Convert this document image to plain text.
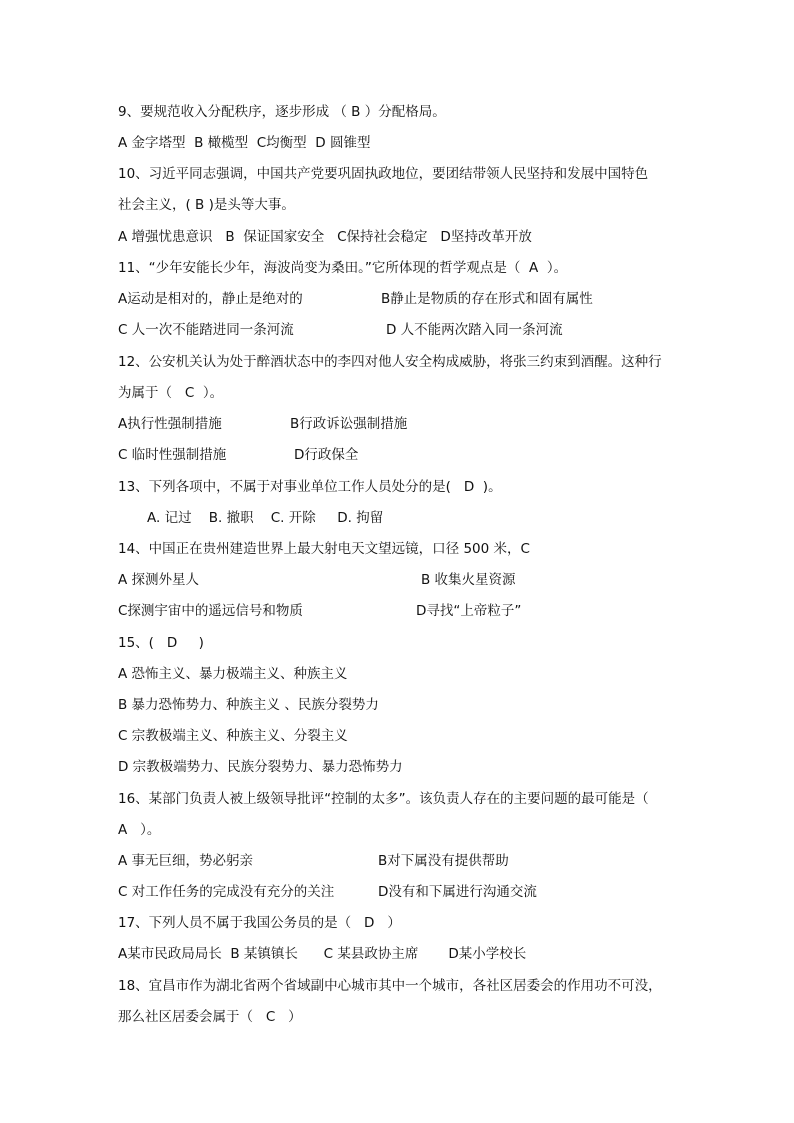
9、要规范收入分配秩序，逐步形成 （ B ）分配格局。
A 金字塔型  B 橄榄型  C均衡型  D 圆锥型
10、习近平同志强调，中国共产党要巩固执政地位，要团结带领人民坚持和发展中国特色
社会主义，( B )是头等大事。
A 增强忧患意识   B  保证国家安全   C保持社会稳定   D坚持改革开放
11、“少年安能长少年，海波尚变为桑田。”它所体现的哲学观点是（  A  ）。
A运动是相对的，静止是绝对的	B静止是物质的存在形式和固有属性
C 人一次不能踏进同一条河流	D 人不能两次踏入同一条河流
12、公安机关认为处于醉酒状态中的李四对他人安全构成威胁，将张三约束到酒醒。这种行
为属于（   C  ）。
A执行性强制措施	B行政诉讼强制措施
C 临时性强制措施	D行政保全
13、下列各项中，不属于对事业单位工作人员处分的是(   D  )。
A. 记过    B. 撤职    C. 开除     D. 拘留
14、中国正在贵州建造世界上最大射电天文望远镜，口径 500 米，C
A 探测外星人	B 收集火星资源
C探测宇宙中的遥远信号和物质	D寻找“上帝粒子”
15、(   D     )
A 恐怖主义、暴力极端主义、种族主义
B 暴力恐怖势力、种族主义 、民族分裂势力
C 宗教极端主义、种族主义、分裂主义
D 宗教极端势力、民族分裂势力、暴力恐怖势力
16、某部门负责人被上级领导批评“控制的太多”。该负责人存在的主要问题的最可能是（
A   ）。
A 事无巨细，势必躬亲	B对下属没有提供帮助
C 对工作任务的完成没有充分的关注	D没有和下属进行沟通交流
17、下列人员不属于我国公务员的是（   D   ）
A某市民政局局长  B 某镇镇长      C 某县政协主席       D某小学校长
18、宜昌市作为湖北省两个省域副中心城市其中一个城市，各社区居委会的作用功不可没，
那么社区居委会属于（   C   ）
